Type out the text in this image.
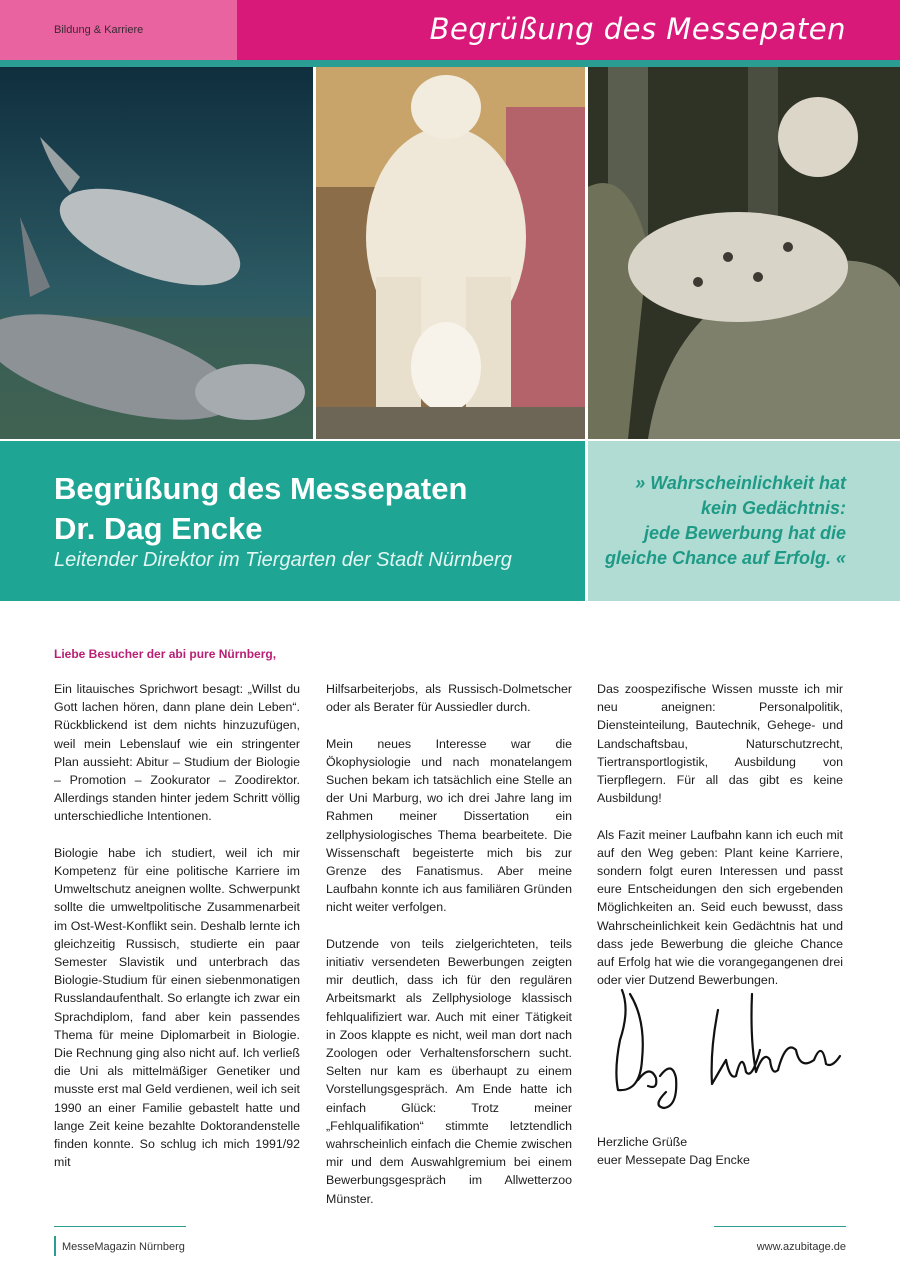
Bildung & Karriere	Begrüßung des Messepaten
Begrüßung des Messepaten
Dr. Dag Encke
Leitender Direktor im Tiergarten der Stadt Nürnberg

» Wahrscheinlichkeit hat
kein Gedächtnis:
jede Bewerbung hat die
gleiche Chance auf Erfolg. «

Liebe Besucher der abi pure Nürnberg,

Ein litauisches Sprichwort besagt: „Willst du Gott lachen hören, dann plane dein Leben“. Rückblickend ist dem nichts hinzuzufügen, weil mein Lebenslauf wie ein stringenter Plan aussieht: Abitur – Studium der Biologie – Promotion – Zookurator – Zoodirektor. Allerdings standen hinter jedem Schritt völlig unterschiedliche Intentionen.

Biologie habe ich studiert, weil ich mir Kompetenz für eine politische Karriere im Umweltschutz aneignen wollte. Schwerpunkt sollte die umweltpolitische Zusammenarbeit im Ost-West-Konflikt sein. Deshalb lernte ich gleichzeitig Russisch, studierte ein paar Semester Slavistik und unterbrach das Biologie-Studium für einen siebenmonatigen Russlandaufenthalt. So erlangte ich zwar ein Sprachdiplom, fand aber kein passendes Thema für meine Diplomarbeit in Biologie. Die Rechnung ging also nicht auf. Ich verließ die Uni als mittelmäßiger Genetiker und musste erst mal Geld verdienen, weil ich seit 1990 an einer Familie gebastelt hatte und lange Zeit keine bezahlte Doktorandenstelle finden konnte. So schlug ich mich 1991/92 mit

Hilfsarbeiterjobs, als Russisch-Dolmetscher oder als Berater für Aussiedler durch.

Mein neues Interesse war die Ökophysiologie und nach monatelangem Suchen bekam ich tatsächlich eine Stelle an der Uni Marburg, wo ich drei Jahre lang im Rahmen meiner Dissertation ein zellphysiologisches Thema bearbeitete. Die Wissenschaft begeisterte mich bis zur Grenze des Fanatismus. Aber meine Laufbahn konnte ich aus familiären Gründen nicht weiter verfolgen.

Dutzende von teils zielgerichteten, teils initiativ versendeten Bewerbungen zeigten mir deutlich, dass ich für den regulären Arbeitsmarkt als Zellphysiologe klassisch fehlqualifiziert war. Auch mit einer Tätigkeit in Zoos klappte es nicht, weil man dort nach Zoologen oder Verhaltensforschern sucht. Selten nur kam es überhaupt zu einem Vorstellungsgespräch. Am Ende hatte ich einfach Glück: Trotz meiner „Fehlqualifikation“ stimmte letztendlich wahrscheinlich einfach die Chemie zwischen mir und dem Auswahlgremium bei einem Bewerbungsgespräch im Allwetterzoo Münster.

Das zoospezifische Wissen musste ich mir neu aneignen: Personalpolitik, Diensteinteilung, Bautechnik, Gehege- und Landschaftsbau, Naturschutzrecht, Tiertransportlogistik, Ausbildung von Tierpflegern. Für all das gibt es keine Ausbildung!

Als Fazit meiner Laufbahn kann ich euch mit auf den Weg geben: Plant keine Karriere, sondern folgt euren Interessen und passt eure Entscheidungen den sich ergebenden Möglichkeiten an. Seid euch bewusst, dass Wahrscheinlichkeit kein Gedächtnis hat und dass jede Bewerbung die gleiche Chance auf Erfolg hat wie die vorangegangenen drei oder vier Dutzend Bewerbungen.

Herzliche Grüße
euer Messepate Dag Encke
MesseMagazin Nürnberg	www.azubitage.de
